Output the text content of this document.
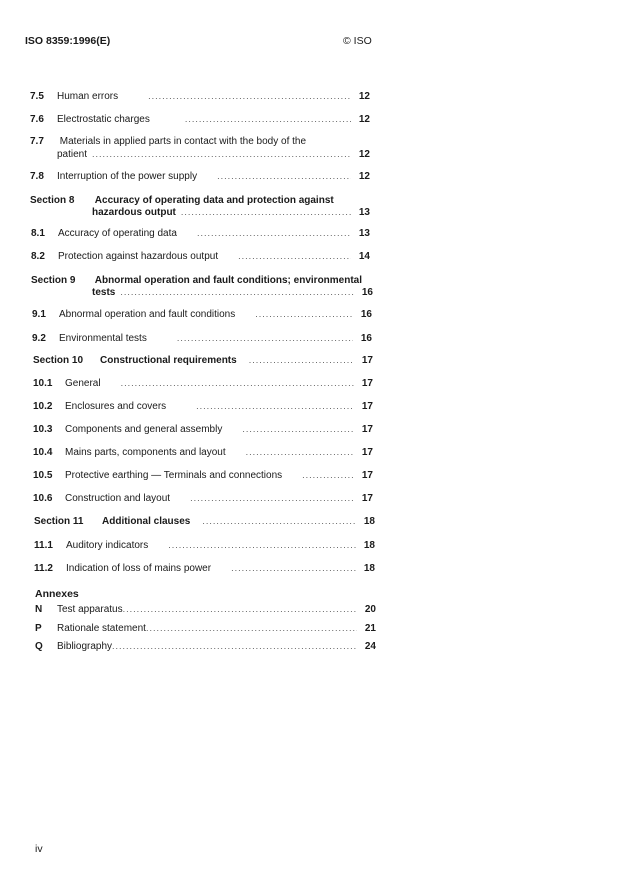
ISO 8359:1996(E)	© ISO
7.5	Human errors .....	12
7.6	Electrostatic charges .....	12
7.7 Materials in applied parts in contact with the body of the
patient .....	12
7.8	Interruption of the power supply .....	12
Section 8 Accuracy of operating data and protection against
hazardous output .....	13
8.1	Accuracy of operating data .....	13
8.2	Protection against hazardous output .....	14
Section 9 Abnormal operation and fault conditions; environmental
tests .....	16
9.1	Abnormal operation and fault conditions .....	16
9.2	Environmental tests .....	16
Section 10	Constructional requirements .....	17
10.1	General .....	17
10.2	Enclosures and covers .....	17
10.3	Components and general assembly .....	17
10.4	Mains parts, components and layout .....	17
10.5	Protective earthing — Terminals and connections .....	17
10.6	Construction and layout .....	17
Section 11	Additional clauses .....	18
11.1	Auditory indicators .....	18
11.2	Indication of loss of mains power .....	18
Annexes
N	Test apparatus .....	20
P	Rationale statement .....	21
Q	Bibliography .....	24
iv
